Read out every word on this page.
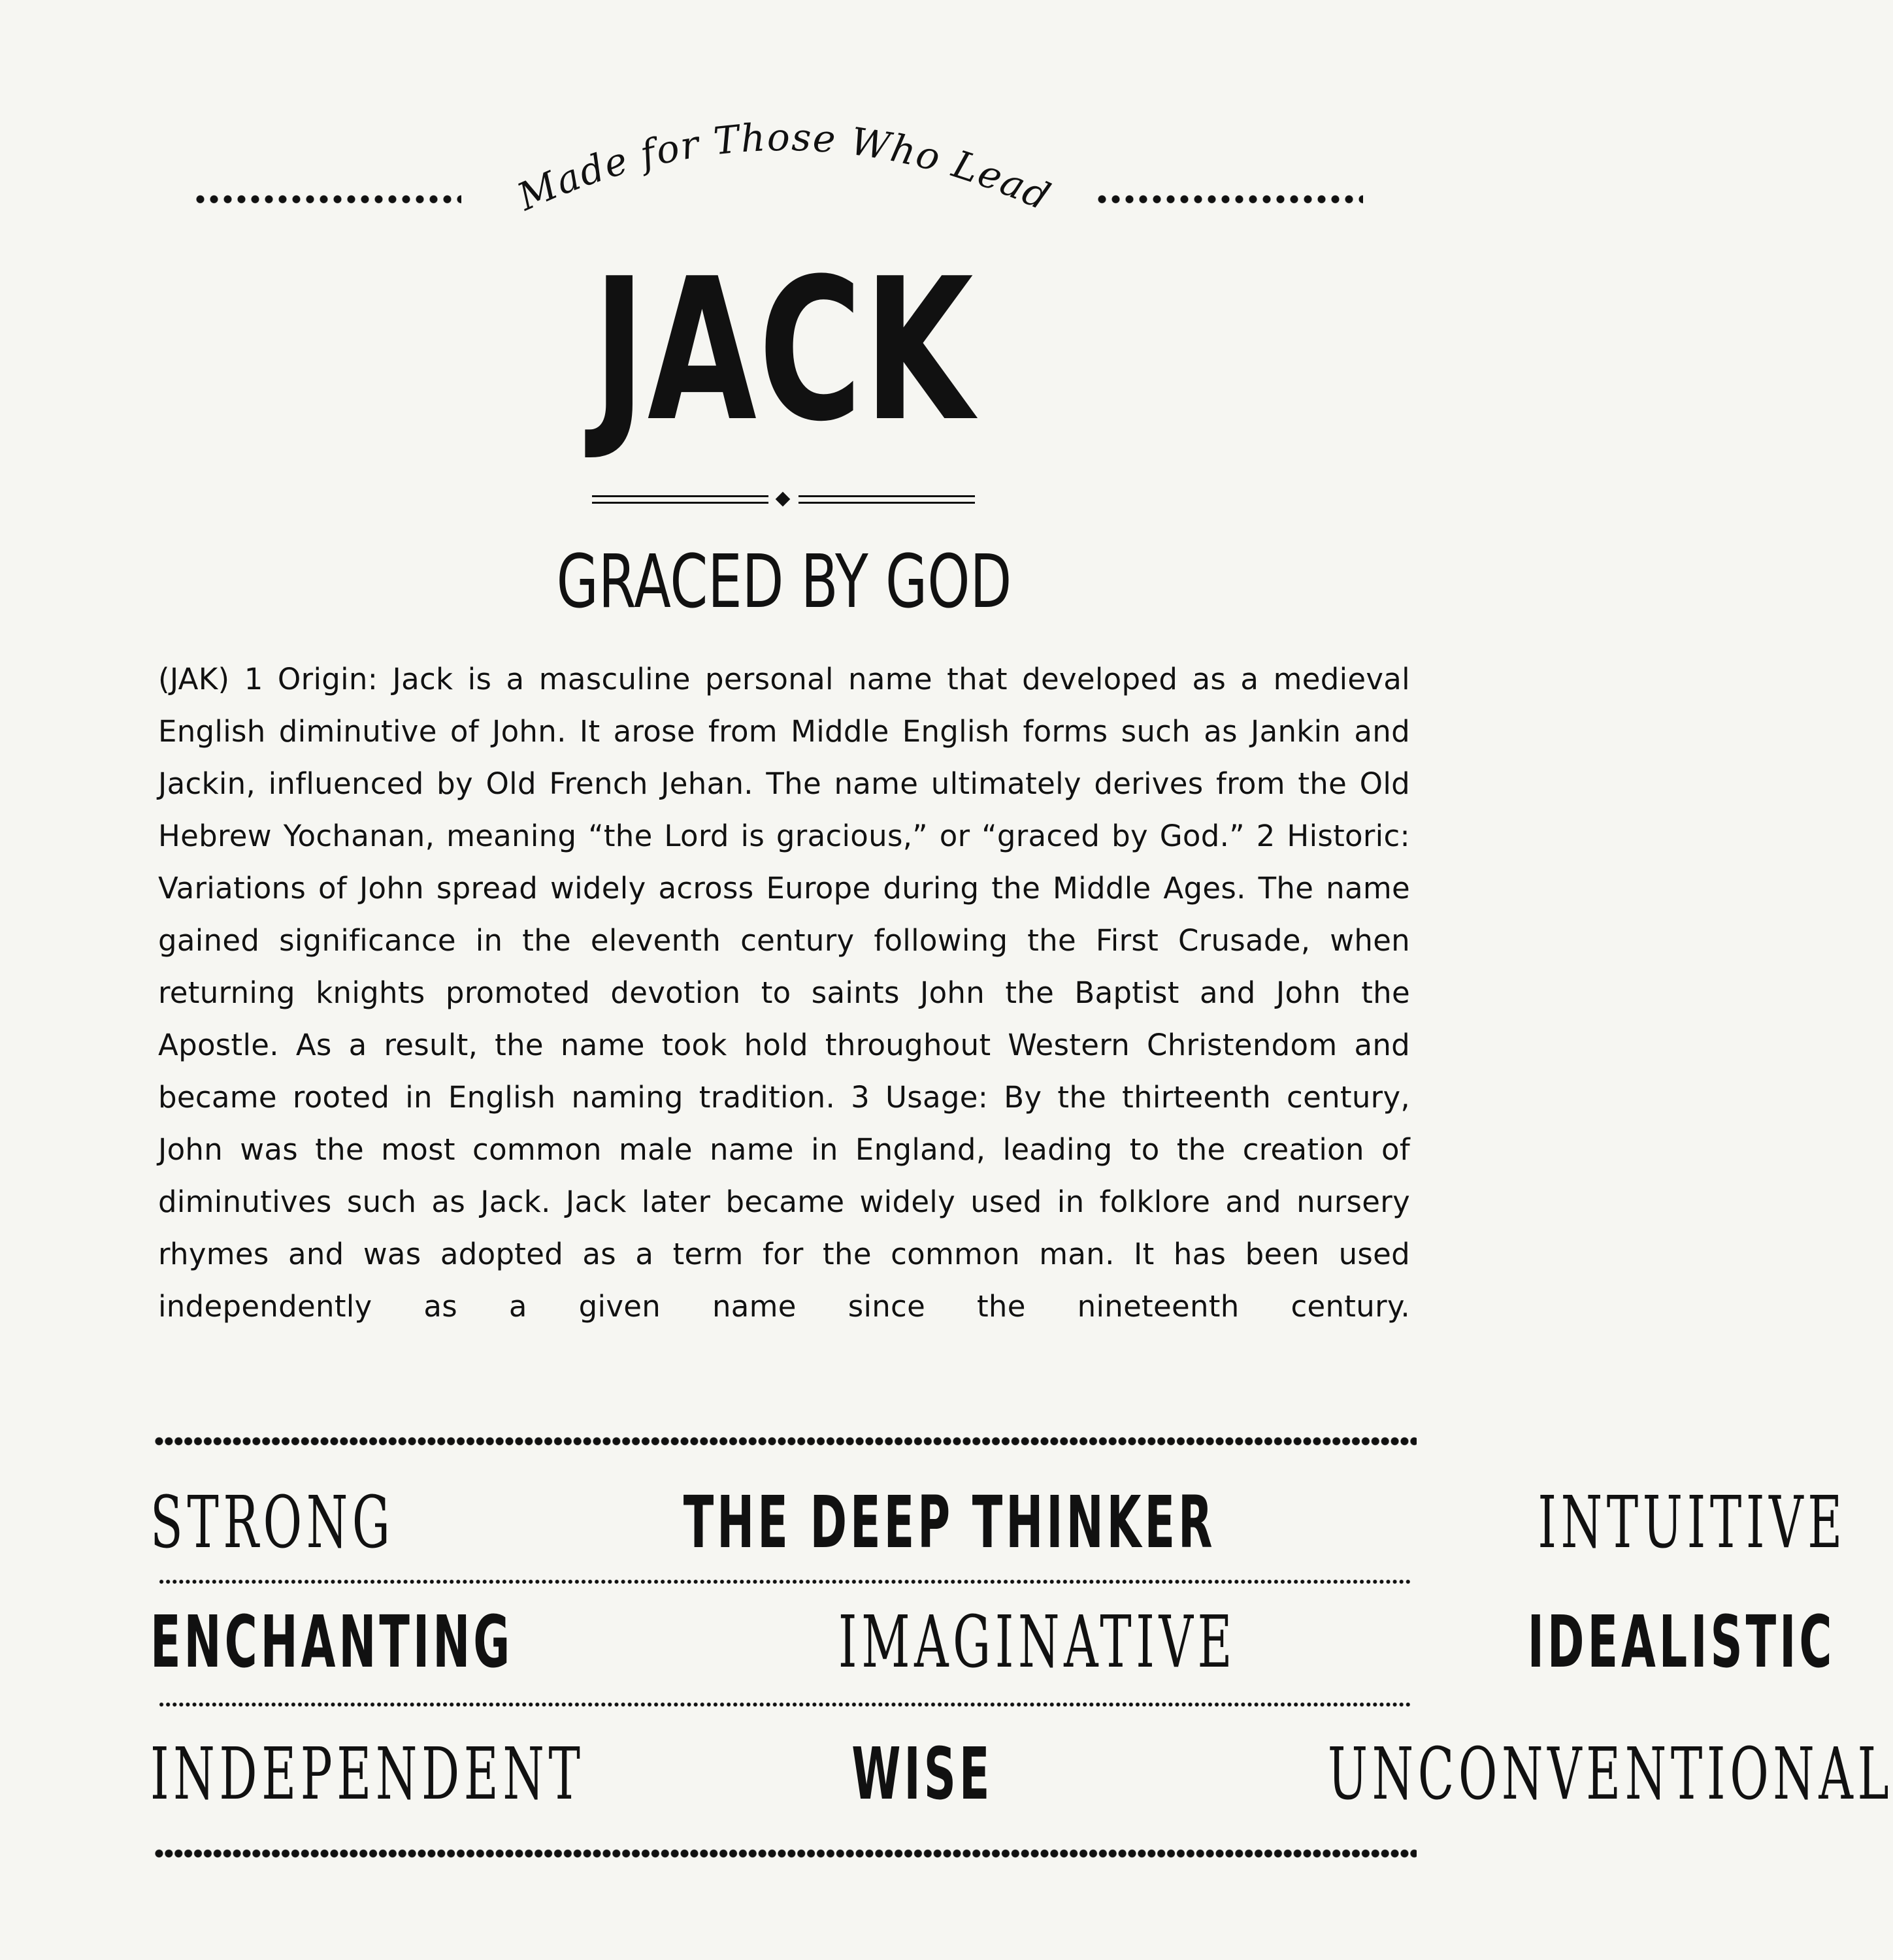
Made for Those Who Lead
JACK
GRACED BY GOD
(JAK) 1 Origin: Jack is a masculine personal name that developed as a medieval English diminutive of John. It arose from Middle English forms such as Jankin and Jackin, influenced by Old French Jehan. The name ultimately derives from the Old Hebrew Yochanan, meaning “the Lord is gracious,” or “graced by God.” 2 Historic: Variations of John spread widely across Europe during the Middle Ages. The name gained significance in the eleventh century following the First Crusade, when returning knights promoted devotion to saints John the Baptist and John the Apostle. As a result, the name took hold throughout Western Christendom and became rooted in English naming tradition. 3 Usage: By the thirteenth century, John was the most common male name in England, leading to the creation of diminutives such as Jack. Jack later became widely used in folklore and nursery rhymes and was adopted as a term for the common man. It has been used independently as a given name since the nineteenth century.
STRONG	THE DEEP THINKER	INTUITIVE
ENCHANTING	IMAGINATIVE	IDEALISTIC
INDEPENDENT	WISE	UNCONVENTIONAL
